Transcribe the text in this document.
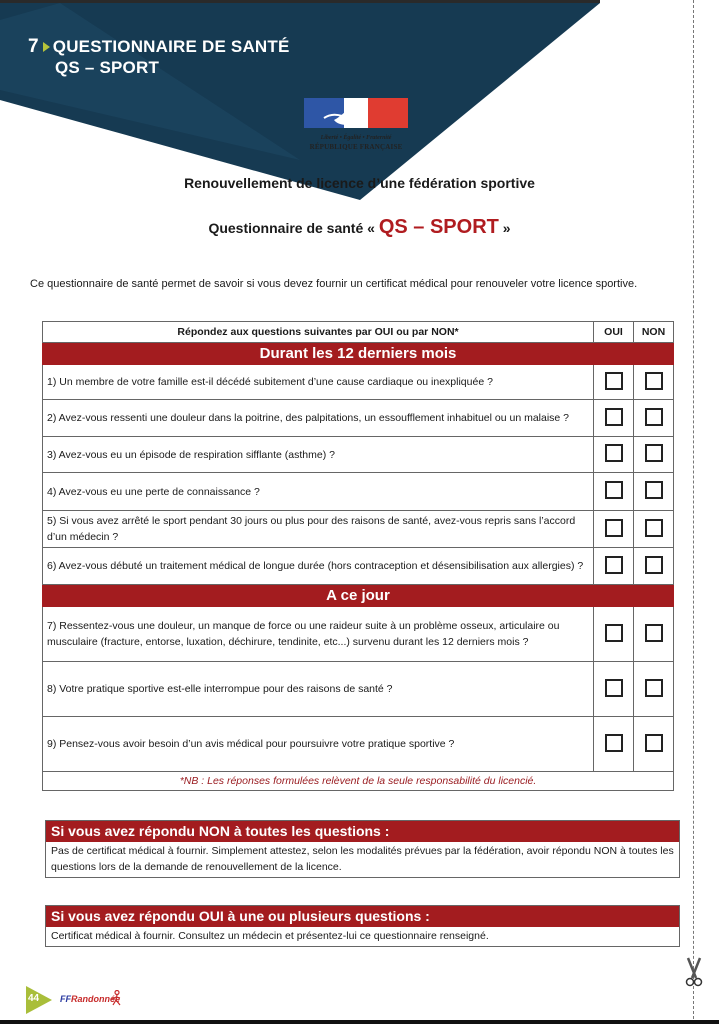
7 QUESTIONNAIRE DE SANTÉ
QS – SPORT
Liberté • Égalité • Fraternité
RÉPUBLIQUE FRANÇAISE
Renouvellement de licence d’une fédération sportive
Questionnaire de santé « QS – SPORT »
Ce questionnaire de santé permet de savoir si vous devez fournir un certificat médical pour renouveler votre licence sportive.
Répondez aux questions suivantes par OUI ou par NON*	OUI	NON
Durant les 12 derniers mois		
1) Un membre de votre famille est-il décédé subitement d’une cause cardiaque ou inexpliquée ?		
2) Avez-vous ressenti une douleur dans la poitrine, des palpitations, un essoufflement inhabituel ou un malaise ?		
3) Avez-vous eu un épisode de respiration sifflante (asthme) ?		
4) Avez-vous eu une perte de connaissance ?		
5) Si vous avez arrêté le sport pendant 30 jours ou plus pour des raisons de santé, avez-vous repris sans l’accord d’un médecin ?		
6) Avez-vous débuté un traitement médical de longue durée (hors contraception et désensibilisation aux allergies) ?		
A ce jour		
7) Ressentez-vous une douleur, un manque de force ou une raideur suite à un problème osseux, articulaire ou musculaire (fracture, entorse, luxation, déchirure, tendinite, etc...) survenu durant les 12 derniers mois ?		
8) Votre pratique sportive est-elle interrompue pour des raisons de santé ?		
9) Pensez-vous avoir besoin d’un avis médical pour poursuivre votre pratique sportive ?		
*NB : Les réponses formulées relèvent de la seule responsabilité du licencié.		
Si vous avez répondu NON à toutes les questions :
Pas de certificat médical à fournir. Simplement attestez, selon les modalités prévues par la fédération, avoir répondu NON à toutes les questions lors de la demande de renouvellement de la licence.
Si vous avez répondu OUI à une ou plusieurs questions :
Certificat médical à fournir. Consultez un médecin et présentez-lui ce questionnaire renseigné.
44 FFRandonnée
